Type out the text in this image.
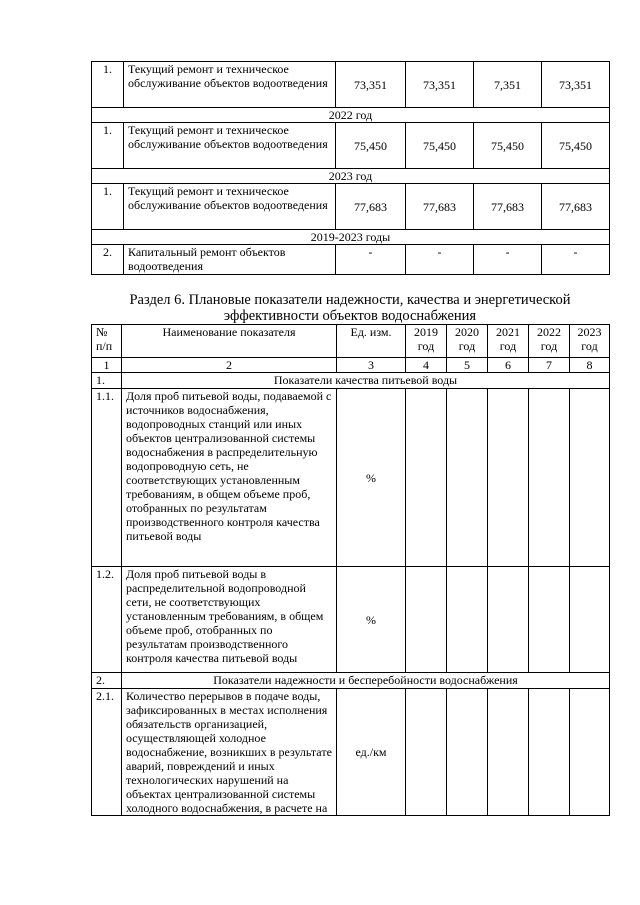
1.	Текущий ремонт и техническое обслуживание объектов водоотведения	73,351	73,351	7,351	73,351
2022 год					
1.	Текущий ремонт и техническое обслуживание объектов водоотведения	75,450	75,450	75,450	75,450
2023 год					
1.	Текущий ремонт и техническое обслуживание объектов водоотведения	77,683	77,683	77,683	77,683
2019-2023 годы					
2.	Капитальный ремонт объектов водоотведения	-	-	-	-
Раздел 6. Плановые показатели надежности, качества и энергетической эффективности объектов водоснабжения
№ п/п	Наименование показателя	Ед. изм.	2019 год	2020 год	2021 год	2022 год	2023 год
1	2	3	4	5	6	7	8
1.	Показатели качества питьевой воды						
1.1.	Доля проб питьевой воды, подаваемой с источников водоснабжения, водопроводных станций или иных объектов централизованной системы водоснабжения в распределительную водопроводную сеть, не соответствующих установленным требованиям, в общем объеме проб, отобранных по результатам производственного контроля качества питьевой воды	%					
1.2.	Доля проб питьевой воды в распределительной водопроводной сети, не соответствующих установленным требованиям, в общем объеме проб, отобранных по результатам производственного контроля качества питьевой воды	%					
2.	Показатели надежности и бесперебойности водоснабжения						
2.1.	Количество перерывов в подаче воды, зафиксированных в местах исполнения обязательств организацией, осуществляющей холодное водоснабжение, возникших в результате аварий, повреждений и иных технологических нарушений на объектах централизованной системы холодного водоснабжения, в расчете на	ед./км					
